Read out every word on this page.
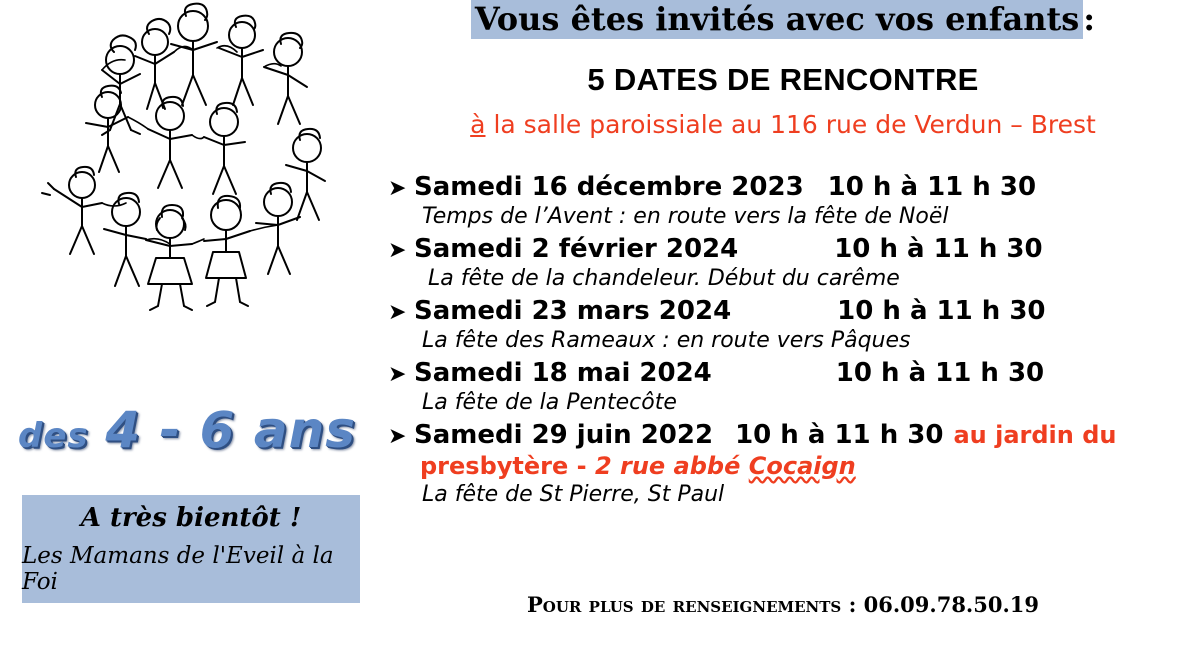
des 4 - 6 ans
A très bientôt !
Les Mamans de l'Eveil à la Foi
Vous êtes invités avec vos enfants :
5 DATES DE RENCONTRE
à la salle paroissiale au 116 rue de Verdun – Brest
➤ Samedi 16 décembre 2023 10 h à 11 h 30
Temps de l’Avent : en route vers la fête de Noël
➤ Samedi 2 février 2024	10 h à 11 h 30
La fête de la chandeleur. Début du carême
➤ Samedi 23 mars 2024	10 h à 11 h 30
La fête des Rameaux : en route vers Pâques
➤ Samedi 18 mai 2024	10 h à 11 h 30
La fête de la Pentecôte
➤ Samedi 29 juin 2022 10 h à 11 h 30 au jardin du
presbytère - 2 rue abbé Cocaign
La fête de St Pierre, St Paul
Pour plus de renseignements : 06.09.78.50.19
